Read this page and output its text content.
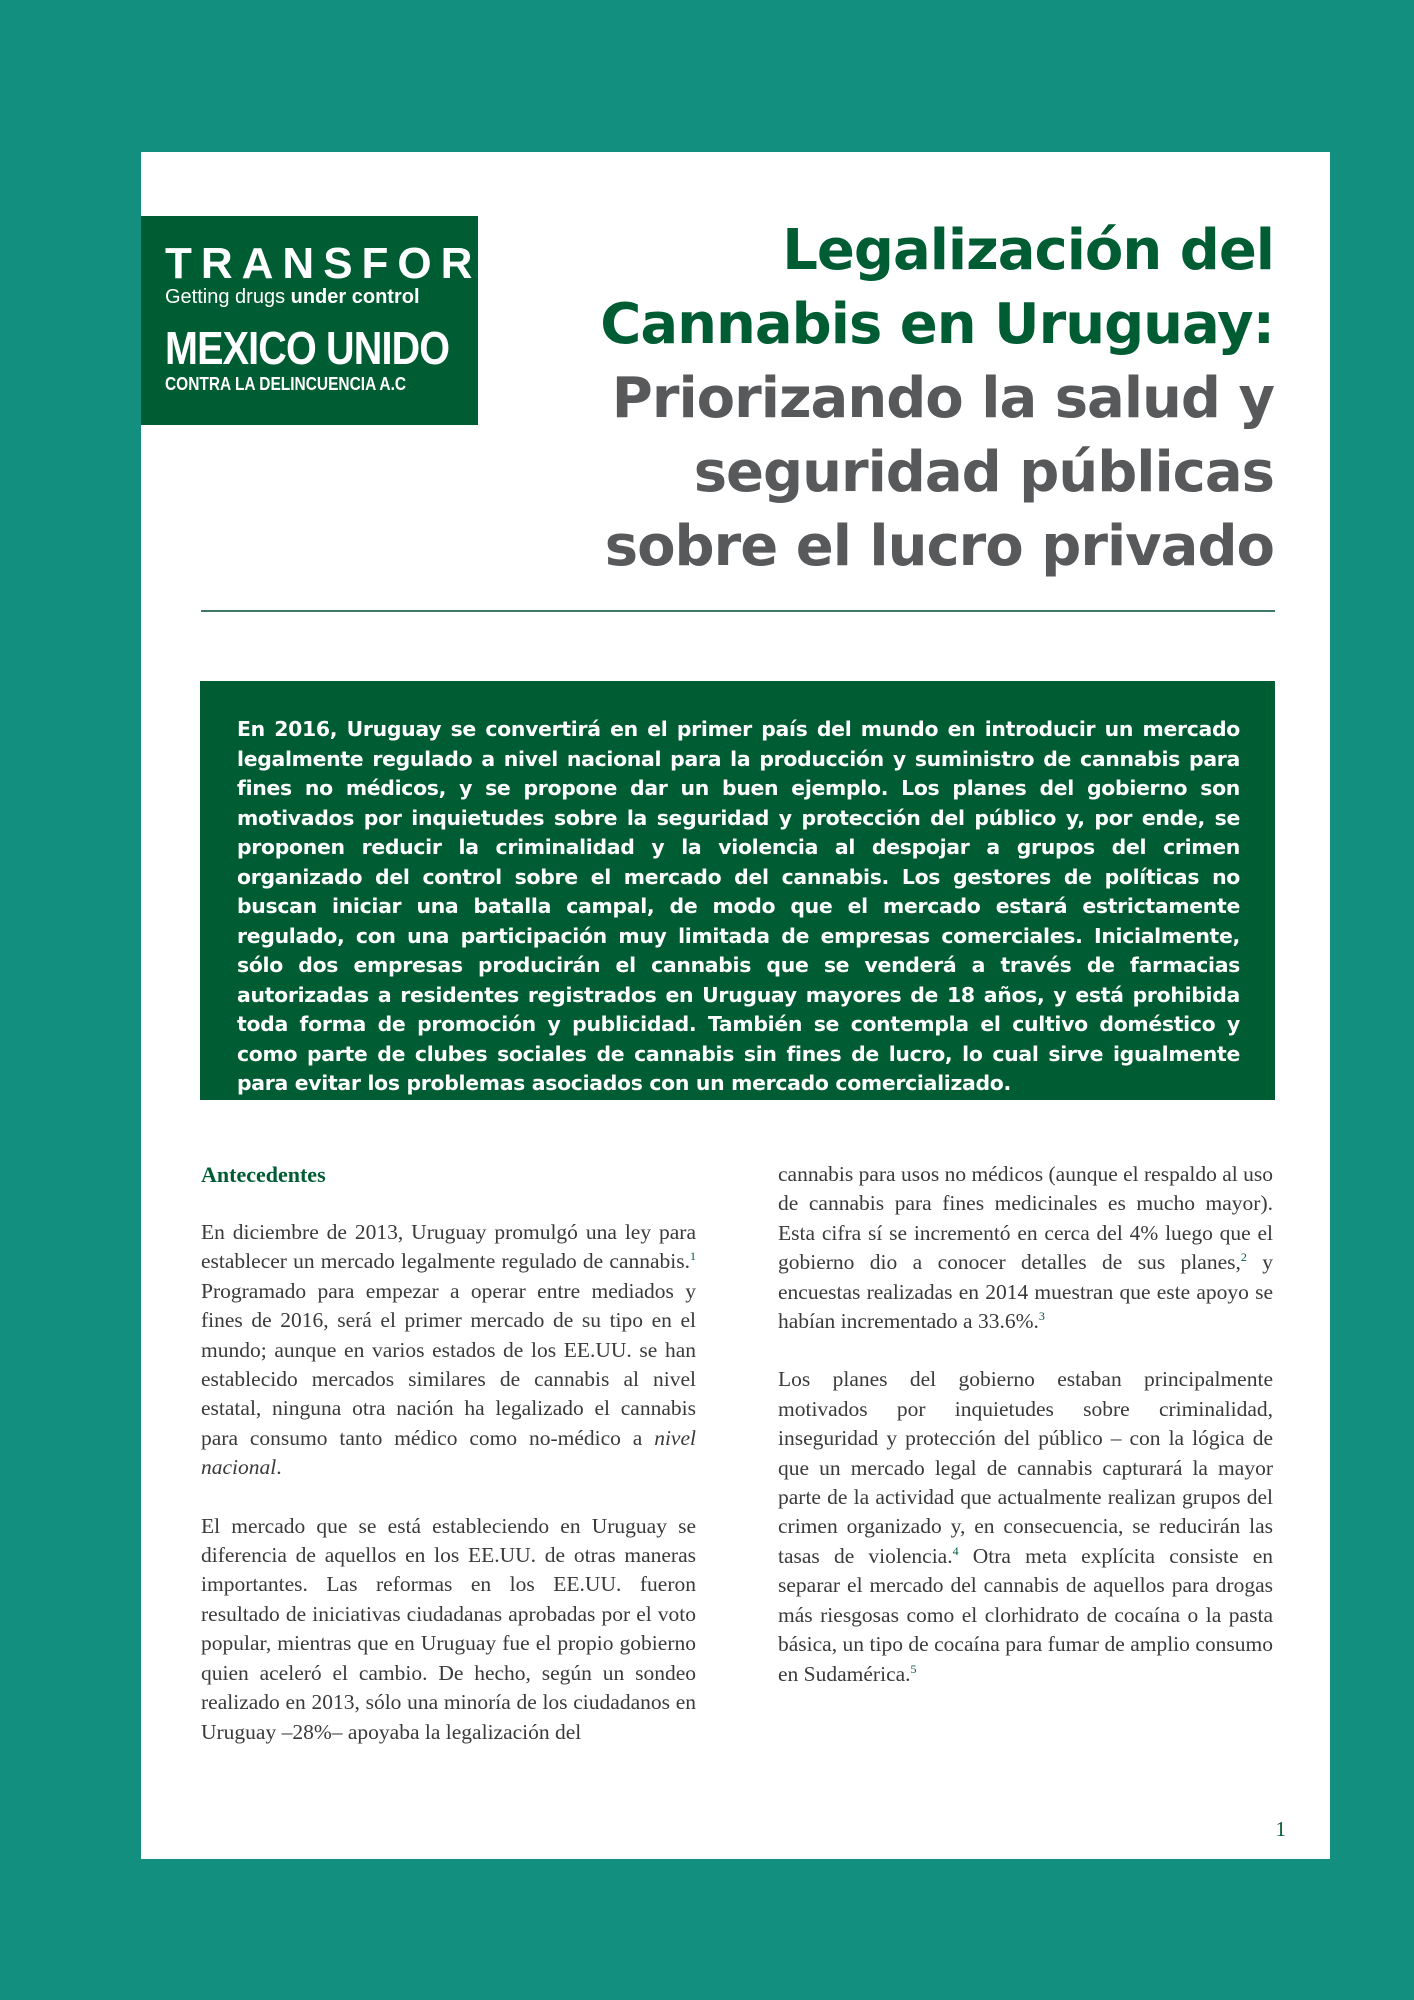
TRANSFORM
Getting drugs under control
MEXICO UNIDO
CONTRA LA DELINCUENCIA A.C
Legalización del
Cannabis en Uruguay:
Priorizando la salud y
seguridad públicas
sobre el lucro privado
En 2016, Uruguay se convertirá en el primer país del mundo en introducir un mercado legalmente regulado a nivel nacional para la producción y suministro de cannabis para fines no médicos, y se propone dar un buen ejemplo. Los planes del gobierno son motivados por inquietudes sobre la seguridad y protección del público y, por ende, se proponen reducir la criminalidad y la violencia al despojar a grupos del crimen organizado del control sobre el mercado del cannabis. Los gestores de políticas no buscan iniciar una batalla campal, de modo que el mercado estará estrictamente regulado, con una participación muy limitada de empresas comerciales. Inicialmente, sólo dos empresas producirán el cannabis que se venderá a través de farmacias autorizadas a residentes registrados en Uruguay mayores de 18 años, y está prohibida toda forma de promoción y publicidad. También se contempla el cultivo doméstico y como parte de clubes sociales de cannabis sin fines de lucro, lo cual sirve igualmente para evitar los problemas asociados con un mercado comercializado.
Antecedentes

En diciembre de 2013, Uruguay promulgó una ley para establecer un mercado legalmente regulado de cannabis.$^1$ Programado para empezar a operar entre mediados y fines de 2016, será el primer mercado de su tipo en el mundo; aunque en varios estados de los EE.UU. se han establecido mercados similares de cannabis al nivel estatal, ninguna otra nación ha legalizado el cannabis para consumo tanto médico como no-médico a nivel nacional.

El mercado que se está estableciendo en Uruguay se diferencia de aquellos en los EE.UU. de otras maneras importantes. Las reformas en los EE.UU. fueron resultado de iniciativas ciudadanas aprobadas por el voto popular, mientras que en Uruguay fue el propio gobierno quien aceleró el cambio. De hecho, según un sondeo realizado en 2013, sólo una minoría de los ciudadanos en Uruguay –28%– apoyaba la legalización del

cannabis para usos no médicos (aunque el respaldo al uso de cannabis para fines medicinales es mucho mayor). Esta cifra sí se incrementó en cerca del 4% luego que el gobierno dio a conocer detalles de sus planes,$^2$ y encuestas realizadas en 2014 muestran que este apoyo se habían incrementado a 33.6%.$^3$

Los planes del gobierno estaban principalmente motivados por inquietudes sobre criminalidad, inseguridad y protección del público – con la lógica de que un mercado legal de cannabis capturará la mayor parte de la actividad que actualmente realizan grupos del crimen organizado y, en consecuencia, se reducirán las tasas de violencia.$^4$ Otra meta explícita consiste en separar el mercado del cannabis de aquellos para drogas más riesgosas como el clorhidrato de cocaína o la pasta básica, un tipo de cocaína para fumar de amplio consumo en Sudamérica.$^5$

1
